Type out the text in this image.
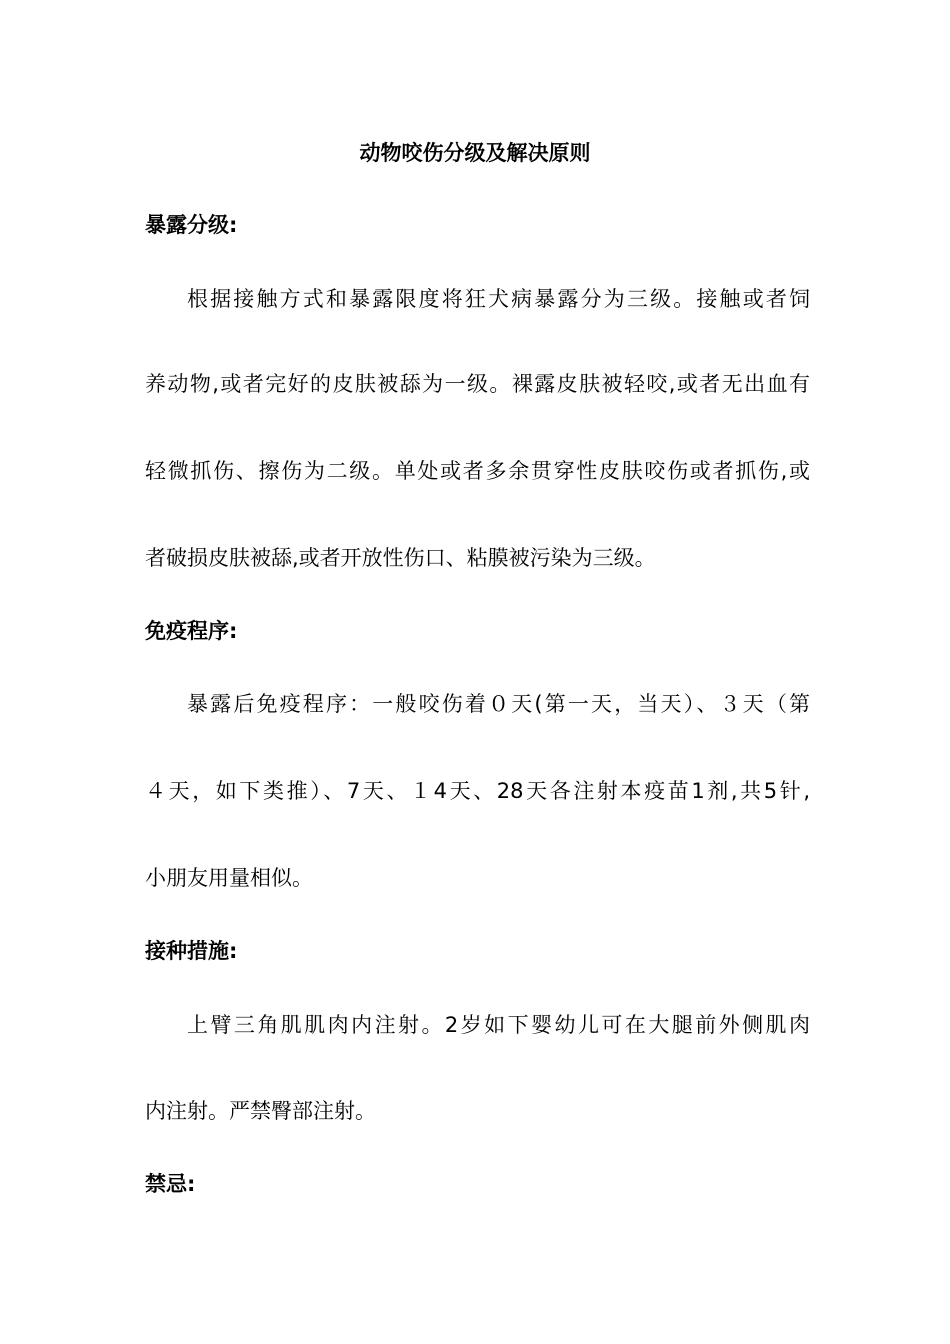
动物咬伤分级及解决原则
暴露分级:
根据接触方式和暴露限度将狂犬病暴露分为三级。接触或者饲
养动物,或者完好的皮肤被舔为一级。裸露皮肤被轻咬,或者无出血有
轻微抓伤、擦伤为二级。单处或者多余贯穿性皮肤咬伤或者抓伤,或
者破损皮肤被舔,或者开放性伤口、粘膜被污染为三级。
免疫程序:
暴露后免疫程序：一般咬伤着０天(第一天，当天）、３天（第
４天，如下类推）、7天、１4天、28天各注射本疫苗1剂,共5针,
小朋友用量相似。
接种措施:
上臂三角肌肌肉内注射。2岁如下婴幼儿可在大腿前外侧肌肉
内注射。严禁臀部注射。
禁忌:
